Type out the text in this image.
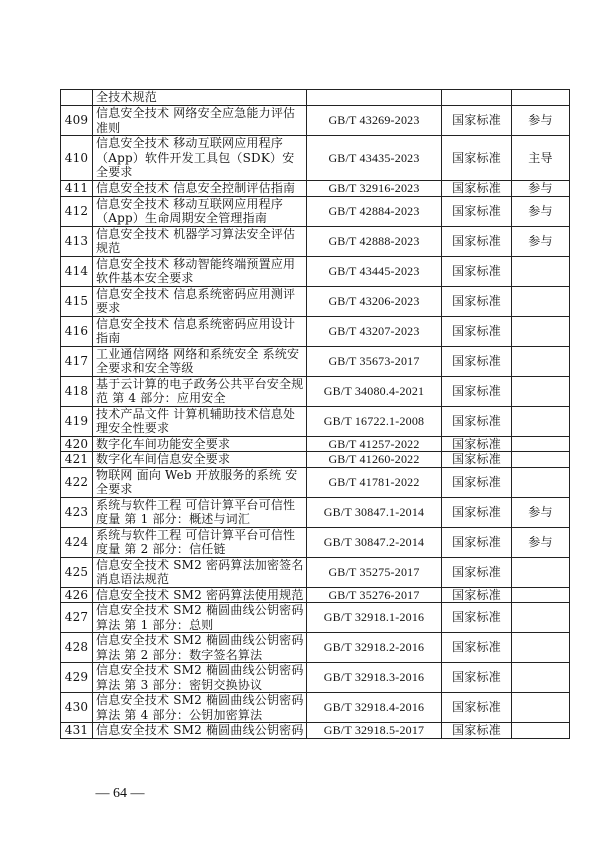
	全技术规范			
409	信息安全技术 网络安全应急能力评估准则	GB/T 43269-2023	国家标准	参与
410	信息安全技术 移动互联网应用程序（App）软件开发工具包（SDK）安全要求	GB/T 43435-2023	国家标准	主导
411	信息安全技术 信息安全控制评估指南	GB/T 32916-2023	国家标准	参与
412	信息安全技术 移动互联网应用程序（App）生命周期安全管理指南	GB/T 42884-2023	国家标准	参与
413	信息安全技术 机器学习算法安全评估规范	GB/T 42888-2023	国家标准	参与
414	信息安全技术 移动智能终端预置应用软件基本安全要求	GB/T 43445-2023	国家标准	
415	信息安全技术 信息系统密码应用测评要求	GB/T 43206-2023	国家标准	
416	信息安全技术 信息系统密码应用设计指南	GB/T 43207-2023	国家标准	
417	工业通信网络 网络和系统安全 系统安全要求和安全等级	GB/T 35673-2017	国家标准	
418	基于云计算的电子政务公共平台安全规范 第 4 部分：应用安全	GB/T 34080.4-2021	国家标准	
419	技术产品文件 计算机辅助技术信息处理安全性要求	GB/T 16722.1-2008	国家标准	
420	数字化车间功能安全要求	GB/T 41257-2022	国家标准	
421	数字化车间信息安全要求	GB/T 41260-2022	国家标准	
422	物联网 面向 Web 开放服务的系统 安全要求	GB/T 41781-2022	国家标准	
423	系统与软件工程 可信计算平台可信性度量 第 1 部分：概述与词汇	GB/T 30847.1-2014	国家标准	参与
424	系统与软件工程 可信计算平台可信性度量 第 2 部分：信任链	GB/T 30847.2-2014	国家标准	参与
425	信息安全技术 SM2 密码算法加密签名消息语法规范	GB/T 35275-2017	国家标准	
426	信息安全技术 SM2 密码算法使用规范	GB/T 35276-2017	国家标准	
427	信息安全技术 SM2 椭圆曲线公钥密码算法 第 1 部分：总则	GB/T 32918.1-2016	国家标准	
428	信息安全技术 SM2 椭圆曲线公钥密码算法 第 2 部分：数字签名算法	GB/T 32918.2-2016	国家标准	
429	信息安全技术 SM2 椭圆曲线公钥密码算法 第 3 部分：密钥交换协议	GB/T 32918.3-2016	国家标准	
430	信息安全技术 SM2 椭圆曲线公钥密码算法 第 4 部分：公钥加密算法	GB/T 32918.4-2016	国家标准	
431	信息安全技术 SM2 椭圆曲线公钥密码	GB/T 32918.5-2017	国家标准	
— 64 —
